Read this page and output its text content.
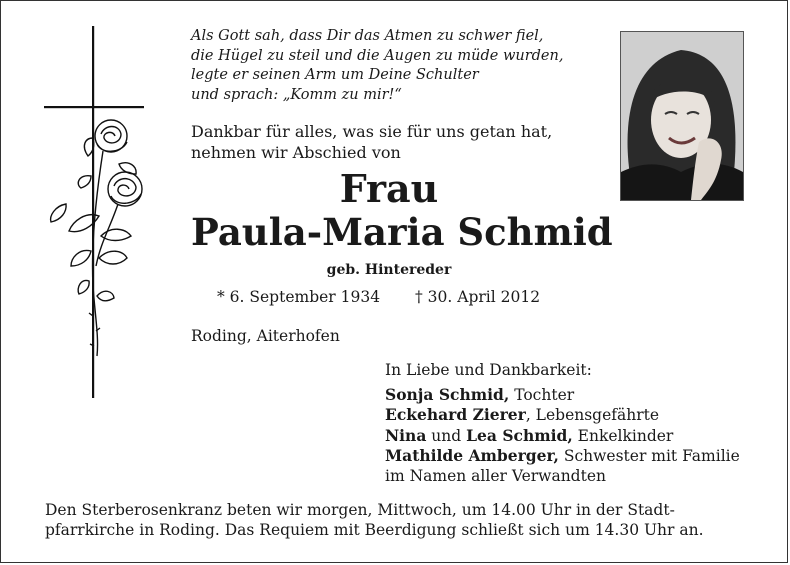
Als Gott sah, dass Dir das Atmen zu schwer fiel,
die Hügel zu steil und die Augen zu müde wurden,
legte er seinen Arm um Deine Schulter
und sprach: „Komm zu mir!“
Dankbar für alles, was sie für uns getan hat,
nehmen wir Abschied von
Frau
Paula-Maria Schmid
geb. Hintereder
* 6. September 1934 † 30. April 2012
Roding, Aiterhofen
In Liebe und Dankbarkeit:
Sonja Schmid, Tochter
Eckehard Zierer, Lebensgefährte
Nina und Lea Schmid, Enkelkinder
Mathilde Amberger, Schwester mit Familie
im Namen aller Verwandten
Den Sterberosenkranz beten wir morgen, Mittwoch, um 14.00 Uhr in der Stadt-
pfarrkirche in Roding. Das Requiem mit Beerdigung schließt sich um 14.30 Uhr an.
